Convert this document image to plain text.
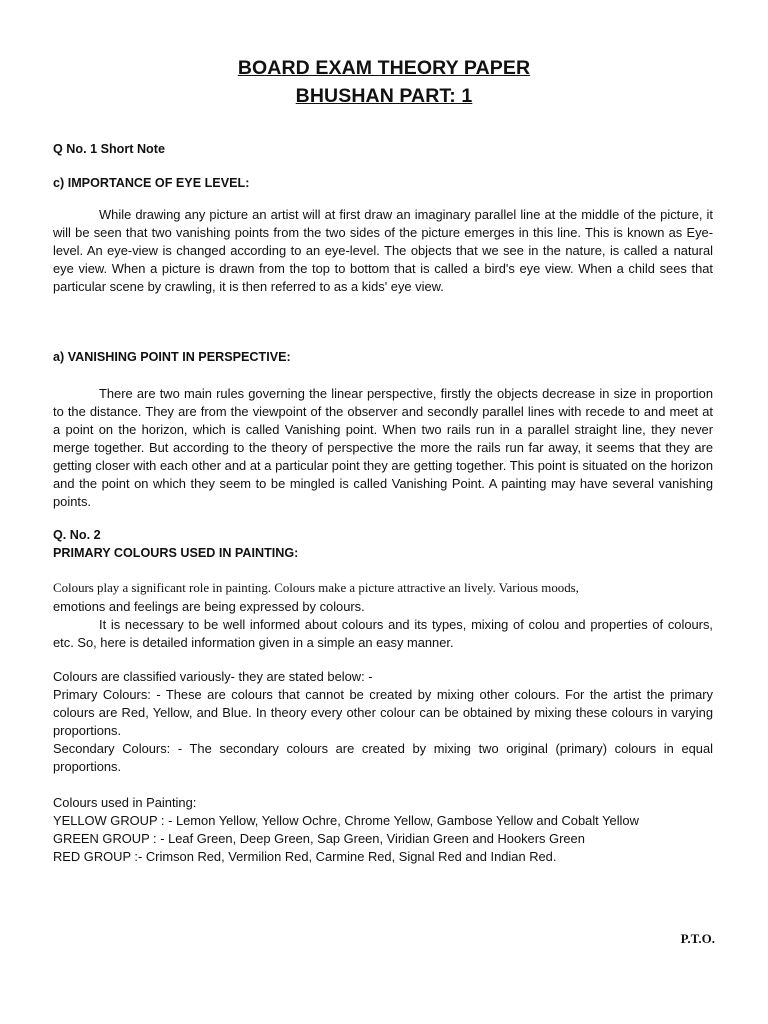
BOARD EXAM THEORY PAPER
BHUSHAN PART: 1
Q No. 1 Short Note
c) IMPORTANCE OF EYE LEVEL:

While drawing any picture an artist will at first draw an imaginary parallel line at the middle of the picture, it will be seen that two vanishing points from the two sides of the picture emerges in this line. This is known as Eye-level. An eye-view is changed according to an eye-level. The objects that we see in the nature, is called a natural eye view. When a picture is drawn from the top to bottom that is called a bird's eye view. When a child sees that particular scene by crawling, it is then referred to as a kids' eye view.

a) VANISHING POINT IN PERSPECTIVE:

There are two main rules governing the linear perspective, firstly the objects decrease in size in proportion to the distance. They are from the viewpoint of the observer and secondly parallel lines with recede to and meet at a point on the horizon, which is called Vanishing point. When two rails run in a parallel straight line, they never merge together. But according to the theory of perspective the more the rails run far away, it seems that they are getting closer with each other and at a particular point they are getting together. This point is situated on the horizon and the point on which they seem to be mingled is called Vanishing Point. A painting may have several vanishing points.

Q. No. 2
PRIMARY COLOURS USED IN PAINTING:
Colours play a significant role in painting. Colours make a picture attractive an lively. Various moods,
emotions and feelings are being expressed by colours.

It is necessary to be well informed about colours and its types, mixing of colou and properties of colours, etc. So, here is detailed information given in a simple an easy manner.

Colours are classified variously- they are stated below: -

Primary Colours: - These are colours that cannot be created by mixing other colours. For the artist the primary colours are Red, Yellow, and Blue. In theory every other colour can be obtained by mixing these colours in varying proportions.

Secondary Colours: - The secondary colours are created by mixing two original (primary) colours in equal proportions.

Colours used in Painting:
YELLOW GROUP : - Lemon Yellow, Yellow Ochre, Chrome Yellow, Gambose Yellow and Cobalt Yellow
GREEN GROUP : - Leaf Green, Deep Green, Sap Green, Viridian Green and Hookers Green
RED GROUP :- Crimson Red, Vermilion Red, Carmine Red, Signal Red and Indian Red.
P.T.O.
